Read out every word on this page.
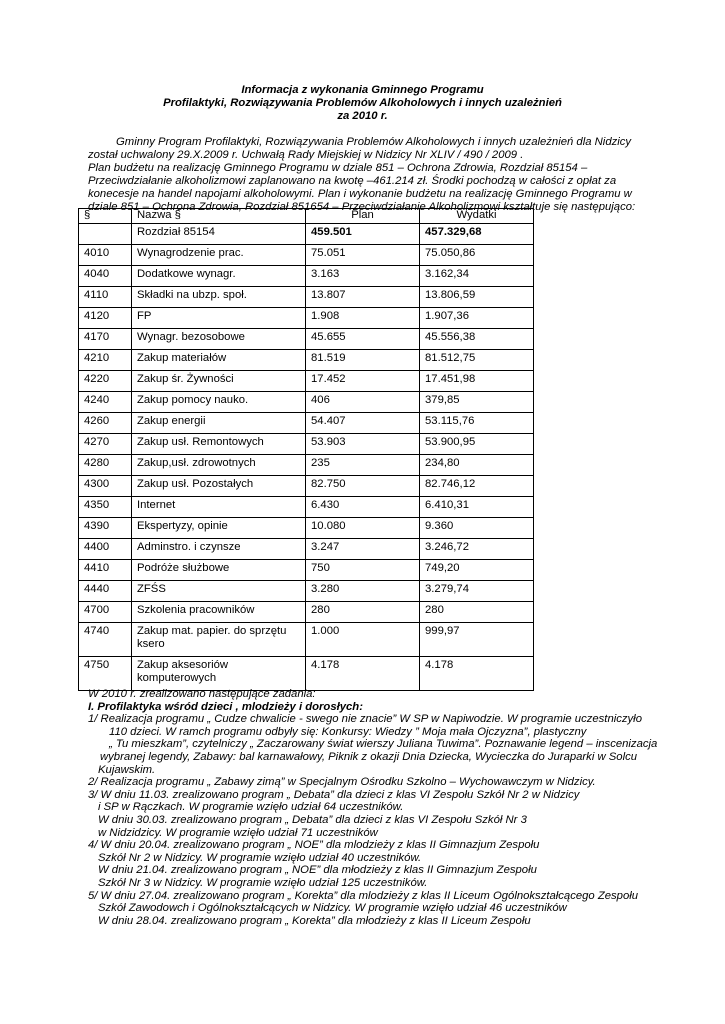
Informacja z wykonania Gminnego Programu
Profilaktyki, Rozwiązywania Problemów Alkoholowych i innych uzależnień
za 2010 r.
Gminny Program Profilaktyki, Rozwiązywania Problemów Alkoholowych i innych uzależnień dla Nidzicy
został uchwalony 29.X.2009 r. Uchwałą Rady Miejskiej w Nidzicy Nr XLIV / 490 / 2009 .
Plan budżetu na realizację Gminnego Programu w dziale 851 – Ochrona Zdrowia, Rozdział 85154 –
Przeciwdziałanie alkoholizmowi zaplanowano na kwotę –461.214 zł. Środki pochodzą w całości z opłat za
konecesje na handel napojami alkoholowymi. Plan i wykonanie budżetu na realizację Gminnego Programu w
dziale 851 – Ochrona Zdrowia, Rozdział 851654 – Przeciwdziałanie Alkoholizmowi kształtuje się następująco:
§	Nazwa §	Plan	Wydatki
	Rozdział 85154	459.501	457.329,68
4010	Wynagrodzenie prac.	75.051	75.050,86
4040	Dodatkowe wynagr.	3.163	3.162,34
4110	Składki na ubzp. społ.	13.807	13.806,59
4120	FP	1.908	1.907,36
4170	Wynagr. bezosobowe	45.655	45.556,38
4210	Zakup materiałów	81.519	81.512,75
4220	Zakup śr. Żywności	17.452	17.451,98
4240	Zakup pomocy nauko.	406	379,85
4260	Zakup energii	54.407	53.115,76
4270	Zakup usł. Remontowych	53.903	53.900,95
4280	Zakup,usł. zdrowotnych	235	234,80
4300	Zakup usł. Pozostałych	82.750	82.746,12
4350	Internet	6.430	6.410,31
4390	Ekspertyzy, opinie	10.080	9.360
4400	Adminstro. i czynsze	3.247	3.246,72
4410	Podróże służbowe	750	749,20
4440	ZFŚS	3.280	3.279,74
4700	Szkolenia pracowników	280	280
4740	Zakup mat. papier. do sprzętu ksero	1.000	999,97
4750	Zakup aksesoriów komputerowych	4.178	4.178
W 2010 r. zrealizowano następujące zadania:
I. Profilaktyka wśród dzieci , mlodzieży i dorosłych:
1/ Realizacja programu „ Cudze chwalicie - swego nie znacie” W SP w Napiwodzie. W programie uczestniczyło
110 dzieci. W ramch programu odbyły się: Konkursy: Wiedzy ” Moja mała Ojczyzna”, plastyczny
„ Tu mieszkam”, czytelniczy „ Zaczarowany świat wierszy Juliana Tuwima”. Poznawanie legend – inscenizacja
wybranej legendy, Zabawy: bal karnawałowy, Piknik z okazji Dnia Dziecka, Wycieczka do Juraparki w Solcu
Kujawskim.
2/ Realizacja programu „ Zabawy zimą” w Specjalnym Ośrodku Szkolno – Wychowawczym w Nidzicy.
3/ W dniu 11.03. zrealizowano program „ Debata” dla dzieci z klas VI Zespołu Szkół Nr 2 w Nidzicy
i SP w Rączkach. W programie wzięło udział 64 uczestników.
W dniu 30.03. zrealizowano program „ Debata” dla dzieci z klas VI Zespołu Szkół Nr 3
w Nidzidzicy. W programie wzięło udział 71 uczestników
4/ W dniu 20.04. zrealizowano program „ NOE” dla mlodzieży z klas II Gimnazjum Zespołu
Szkół Nr 2 w Nidzicy. W programie wzięło udział 40 uczestników.
W dniu 21.04. zrealizowano program „ NOE” dla młodzieży z klas II Gimnazjum Zespołu
Szkół Nr 3 w Nidzicy. W programie wzięło udział 125 uczestników.
5/ W dniu 27.04. zrealizowano program „ Korekta” dla mlodzieży z klas II Liceum Ogólnokształcącego Zespołu
Szkół Zawodowch i Ogólnokształcących w Nidzicy. W programie wzięło udział 46 uczestników
W dniu 28.04. zrealizowano program „ Korekta” dla młodzieży z klas II Liceum Zespołu
